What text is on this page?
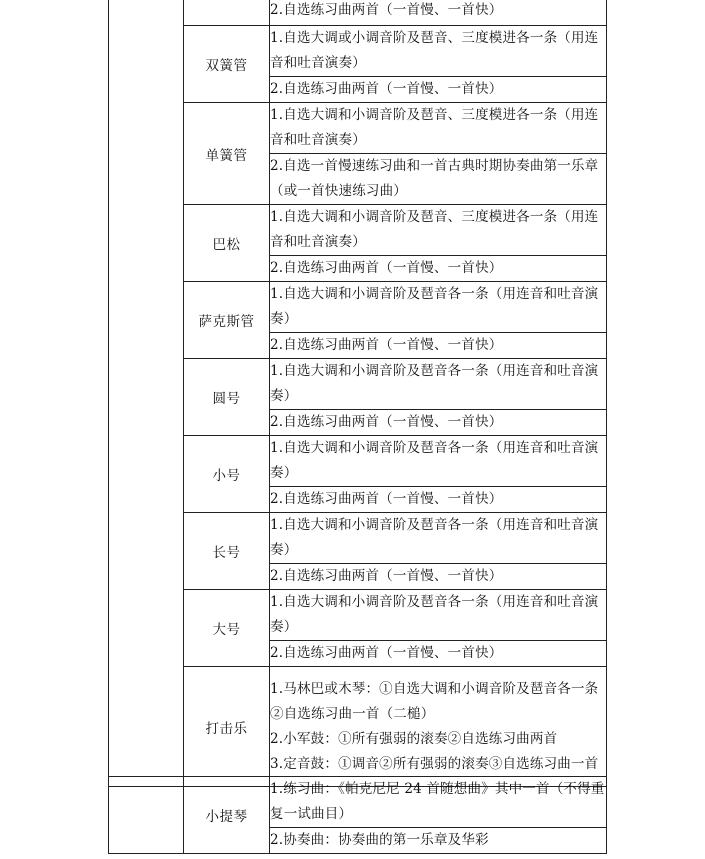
		2.自选练习曲两首（一首慢、一首快）
	双簧管	1.自选大调或小调音阶及琶音、三度模进各一条（用连音和吐音演奏）
		2.自选练习曲两首（一首慢、一首快）
	单簧管	1.自选大调和小调音阶及琶音、三度模进各一条（用连音和吐音演奏）
		2.自选一首慢速练习曲和一首古典时期协奏曲第一乐章（或一首快速练习曲）
	巴松	1.自选大调和小调音阶及琶音、三度模进各一条（用连音和吐音演奏）
		2.自选练习曲两首（一首慢、一首快）
	萨克斯管	1.自选大调和小调音阶及琶音各一条（用连音和吐音演奏）
		2.自选练习曲两首（一首慢、一首快）
	圆号	1.自选大调和小调音阶及琶音各一条（用连音和吐音演奏）
		2.自选练习曲两首（一首慢、一首快）
	小号	1.自选大调和小调音阶及琶音各一条（用连音和吐音演奏）
		2.自选练习曲两首（一首慢、一首快）
	长号	1.自选大调和小调音阶及琶音各一条（用连音和吐音演奏）
		2.自选练习曲两首（一首慢、一首快）
	大号	1.自选大调和小调音阶及琶音各一条（用连音和吐音演奏）
		2.自选练习曲两首（一首慢、一首快）
	打击乐	1.马林巴或木琴：①自选大调和小调音阶及琶音各一条②自选练习曲一首（二槌）
2.小军鼓：①所有强弱的滚奏②自选练习曲两首
3.定音鼓：①调音②所有强弱的滚奏③自选练习曲一首
	小提琴	1.练习曲：《帕克尼尼 24 首随想曲》其中一首（不得重复一试曲目）
2.协奏曲：协奏曲的第一乐章及华彩
